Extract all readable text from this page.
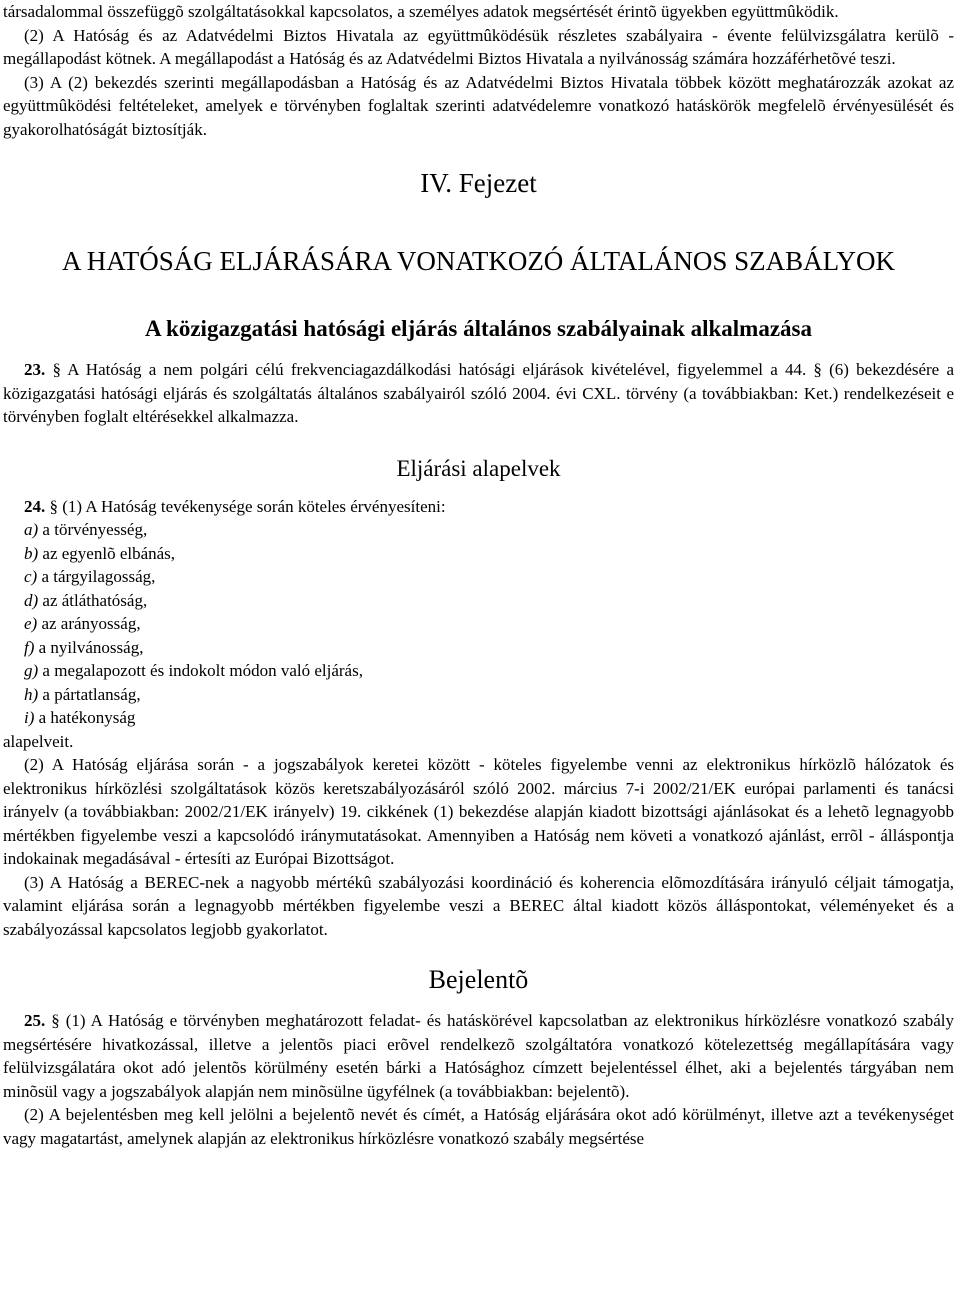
társadalommal összefüggõ szolgáltatásokkal kapcsolatos, a személyes adatok megsértését érintõ ügyekben együttmûködik.

(2) A Hatóság és az Adatvédelmi Biztos Hivatala az együttmûködésük részletes szabályaira - évente felülvizsgálatra kerülõ - megállapodást kötnek. A megállapodást a Hatóság és az Adatvédelmi Biztos Hivatala a nyilvánosság számára hozzáférhetõvé teszi.

(3) A (2) bekezdés szerinti megállapodásban a Hatóság és az Adatvédelmi Biztos Hivatala többek között meghatározzák azokat az együttmûködési feltételeket, amelyek e törvényben foglaltak szerinti adatvédelemre vonatkozó hatáskörök megfelelõ érvényesülését és gyakorolhatóságát biztosítják.

IV. Fejezet
A HATÓSÁG ELJÁRÁSÁRA VONATKOZÓ ÁLTALÁNOS SZABÁLYOK
A közigazgatási hatósági eljárás általános szabályainak alkalmazása

23. § A Hatóság a nem polgári célú frekvenciagazdálkodási hatósági eljárások kivételével, figyelemmel a 44. § (6) bekezdésére a közigazgatási hatósági eljárás és szolgáltatás általános szabályairól szóló 2004. évi CXL. törvény (a továbbiakban: Ket.) rendelkezéseit e törvényben foglalt eltérésekkel alkalmazza.

Eljárási alapelvek

24. § (1) A Hatóság tevékenysége során köteles érvényesíteni:

a) a törvényesség,
b) az egyenlõ elbánás,
c) a tárgyilagosság,
d) az átláthatóság,
e) az arányosság,
f) a nyilvánosság,
g) a megalapozott és indokolt módon való eljárás,
h) a pártatlanság,
i) a hatékonyság

alapelveit.

(2) A Hatóság eljárása során - a jogszabályok keretei között - köteles figyelembe venni az elektronikus hírközlõ hálózatok és elektronikus hírközlési szolgáltatások közös keretszabályozásáról szóló 2002. március 7-i 2002/21/EK európai parlamenti és tanácsi irányelv (a továbbiakban: 2002/21/EK irányelv) 19. cikkének (1) bekezdése alapján kiadott bizottsági ajánlásokat és a lehetõ legnagyobb mértékben figyelembe veszi a kapcsolódó iránymutatásokat. Amennyiben a Hatóság nem követi a vonatkozó ajánlást, errõl - álláspontja indokainak megadásával - értesíti az Európai Bizottságot.

(3) A Hatóság a BEREC-nek a nagyobb mértékû szabályozási koordináció és koherencia elõmozdítására irányuló céljait támogatja, valamint eljárása során a legnagyobb mértékben figyelembe veszi a BEREC által kiadott közös álláspontokat, véleményeket és a szabályozással kapcsolatos legjobb gyakorlatot.

Bejelentõ

25. § (1) A Hatóság e törvényben meghatározott feladat- és hatáskörével kapcsolatban az elektronikus hírközlésre vonatkozó szabály megsértésére hivatkozással, illetve a jelentõs piaci erõvel rendelkezõ szolgáltatóra vonatkozó kötelezettség megállapítására vagy felülvizsgálatára okot adó jelentõs körülmény esetén bárki a Hatósághoz címzett bejelentéssel élhet, aki a bejelentés tárgyában nem minõsül vagy a jogszabályok alapján nem minõsülne ügyfélnek (a továbbiakban: bejelentõ).

(2) A bejelentésben meg kell jelölni a bejelentõ nevét és címét, a Hatóság eljárására okot adó körülményt, illetve azt a tevékenységet vagy magatartást, amelynek alapján az elektronikus hírközlésre vonatkozó szabály megsértése
